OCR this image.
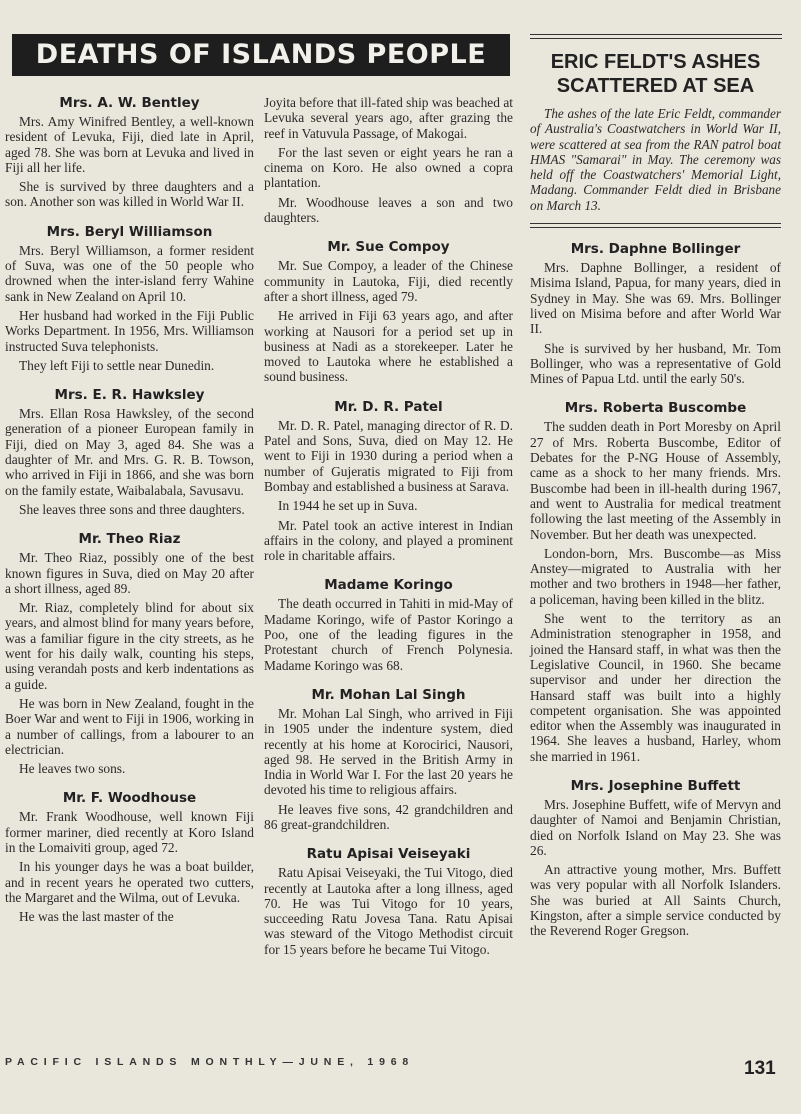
DEATHS OF ISLANDS PEOPLE
Mrs. A. W. Bentley

Mrs. Amy Winifred Bentley, a well-known resident of Levuka, Fiji, died late in April, aged 78. She was born at Levuka and lived in Fiji all her life.

She is survived by three daughters and a son. Another son was killed in World War II.

Mrs. Beryl Williamson

Mrs. Beryl Williamson, a former resident of Suva, was one of the 50 people who drowned when the inter-island ferry Wahine sank in New Zealand on April 10.

Her husband had worked in the Fiji Public Works Department. In 1956, Mrs. Williamson instructed Suva telephonists.

They left Fiji to settle near Dunedin.

Mrs. E. R. Hawksley

Mrs. Ellan Rosa Hawksley, of the second generation of a pioneer European family in Fiji, died on May 3, aged 84. She was a daughter of Mr. and Mrs. G. R. B. Towson, who arrived in Fiji in 1866, and she was born on the family estate, Waibalabala, Savusavu.

She leaves three sons and three daughters.

Mr. Theo Riaz

Mr. Theo Riaz, possibly one of the best known figures in Suva, died on May 20 after a short illness, aged 89.

Mr. Riaz, completely blind for about six years, and almost blind for many years before, was a familiar figure in the city streets, as he went for his daily walk, counting his steps, using verandah posts and kerb indentations as a guide.

He was born in New Zealand, fought in the Boer War and went to Fiji in 1906, working in a number of callings, from a labourer to an electrician.

He leaves two sons.

Mr. F. Woodhouse

Mr. Frank Woodhouse, well known Fiji former mariner, died recently at Koro Island in the Lomaiviti group, aged 72.

In his younger days he was a boat builder, and in recent years he operated two cutters, the Margaret and the Wilma, out of Levuka.

He was the last master of the

Joyita before that ill-fated ship was beached at Levuka several years ago, after grazing the reef in Vatuvula Passage, of Makogai.

For the last seven or eight years he ran a cinema on Koro. He also owned a copra plantation.

Mr. Woodhouse leaves a son and two daughters.

Mr. Sue Compoy

Mr. Sue Compoy, a leader of the Chinese community in Lautoka, Fiji, died recently after a short illness, aged 79.

He arrived in Fiji 63 years ago, and after working at Nausori for a period set up in business at Nadi as a storekeeper. Later he moved to Lautoka where he established a sound business.

Mr. D. R. Patel

Mr. D. R. Patel, managing director of R. D. Patel and Sons, Suva, died on May 12. He went to Fiji in 1930 during a period when a number of Gujeratis migrated to Fiji from Bombay and established a business at Sarava.

In 1944 he set up in Suva.

Mr. Patel took an active interest in Indian affairs in the colony, and played a prominent role in charitable affairs.

Madame Koringo

The death occurred in Tahiti in mid-May of Madame Koringo, wife of Pastor Koringo a Poo, one of the leading figures in the Protestant church of French Polynesia. Madame Koringo was 68.

Mr. Mohan Lal Singh

Mr. Mohan Lal Singh, who arrived in Fiji in 1905 under the indenture system, died recently at his home at Korocirici, Nausori, aged 98. He served in the British Army in India in World War I. For the last 20 years he devoted his time to religious affairs.

He leaves five sons, 42 grandchildren and 86 great-grandchildren.

Ratu Apisai Veiseyaki

Ratu Apisai Veiseyaki, the Tui Vitogo, died recently at Lautoka after a long illness, aged 70. He was Tui Vitogo for 10 years, succeeding Ratu Jovesa Tana. Ratu Apisai was steward of the Vitogo Methodist circuit for 15 years before he became Tui Vitogo.

ERIC FELDT'S ASHES SCATTERED AT SEA

The ashes of the late Eric Feldt, commander of Australia's Coastwatchers in World War II, were scattered at sea from the RAN patrol boat HMAS "Samarai" in May. The ceremony was held off the Coastwatchers' Memorial Light, Madang. Commander Feldt died in Brisbane on March 13.

Mrs. Daphne Bollinger

Mrs. Daphne Bollinger, a resident of Misima Island, Papua, for many years, died in Sydney in May. She was 69. Mrs. Bollinger lived on Misima before and after World War II.

She is survived by her husband, Mr. Tom Bollinger, who was a representative of Gold Mines of Papua Ltd. until the early 50's.

Mrs. Roberta Buscombe

The sudden death in Port Moresby on April 27 of Mrs. Roberta Buscombe, Editor of Debates for the P-NG House of Assembly, came as a shock to her many friends. Mrs. Buscombe had been in ill-health during 1967, and went to Australia for medical treatment following the last meeting of the Assembly in November. But her death was unexpected.

London-born, Mrs. Buscombe—as Miss Anstey—migrated to Australia with her mother and two brothers in 1948—her father, a policeman, having been killed in the blitz.

She went to the territory as an Administration stenographer in 1958, and joined the Hansard staff, in what was then the Legislative Council, in 1960. She became supervisor and under her direction the Hansard staff was built into a highly competent organisation. She was appointed editor when the Assembly was inaugurated in 1964. She leaves a husband, Harley, whom she married in 1961.

Mrs. Josephine Buffett

Mrs. Josephine Buffett, wife of Mervyn and daughter of Namoi and Benjamin Christian, died on Norfolk Island on May 23. She was 26.

An attractive young mother, Mrs. Buffett was very popular with all Norfolk Islanders. She was buried at All Saints Church, Kingston, after a simple service conducted by the Reverend Roger Gregson.

PACIFIC ISLANDS MONTHLY—JUNE, 1968	131
